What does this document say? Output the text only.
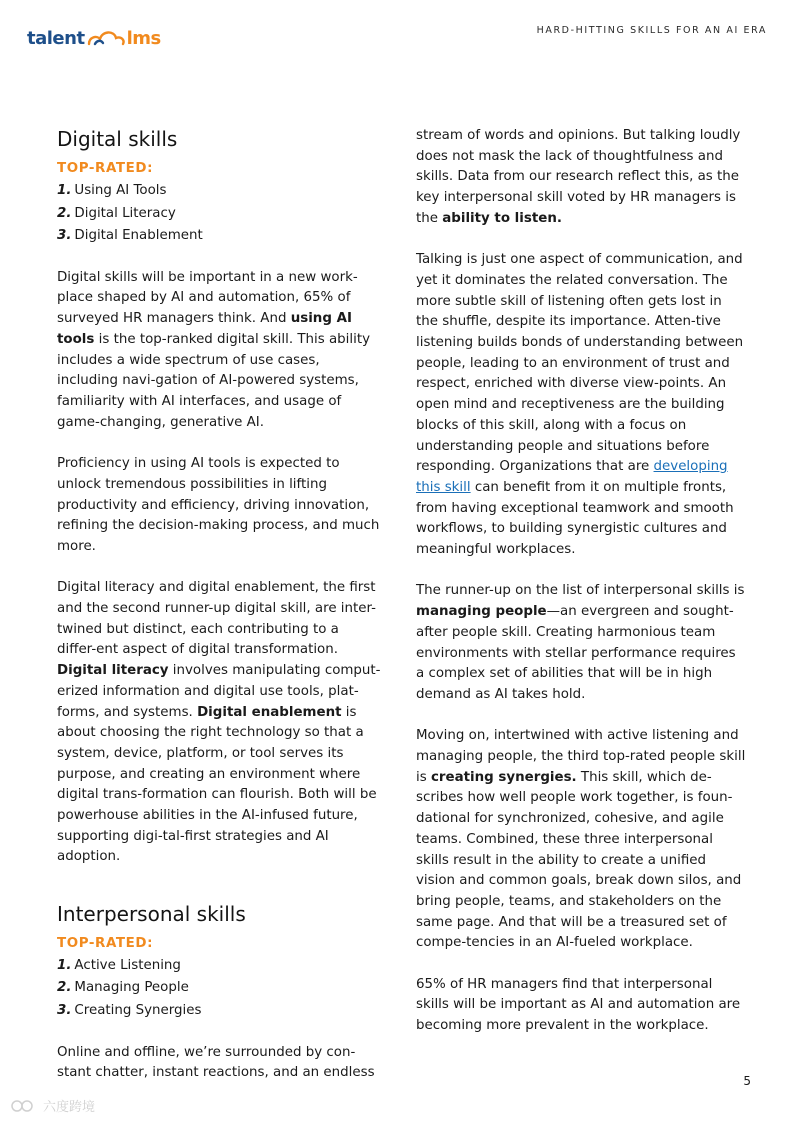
talent lms	HARD-HITTING SKILLS FOR AN AI ERA
Digital skills
TOP-RATED:
1. Using AI Tools
2. Digital Literacy
3. Digital Enablement

Digital skills will be important in a new work-place shaped by AI and automation, 65% of surveyed HR managers think. And using AI tools is the top-ranked digital skill. This ability includes a wide spectrum of use cases, including navi-gation of AI-powered systems, familiarity with AI interfaces, and usage of game-changing, generative AI.

Proficiency in using AI tools is expected to unlock tremendous possibilities in lifting productivity and efficiency, driving innovation, refining the decision-making process, and much more.

Digital literacy and digital enablement, the first and the second runner-up digital skill, are inter-twined but distinct, each contributing to a differ-ent aspect of digital transformation.
Digital literacy involves manipulating comput-erized information and digital use tools, plat-forms, and systems. Digital enablement is about choosing the right technology so that a system, device, platform, or tool serves its purpose, and creating an environment where digital trans-formation can flourish. Both will be powerhouse abilities in the AI-infused future, supporting digi-tal-first strategies and AI adoption.

Interpersonal skills
TOP-RATED:
1. Active Listening
2. Managing People
3. Creating Synergies

Online and offline, we’re surrounded by con-stant chatter, instant reactions, and an endless

stream of words and opinions. But talking loudly does not mask the lack of thoughtfulness and skills. Data from our research reflect this, as the key interpersonal skill voted by HR managers is the ability to listen.

Talking is just one aspect of communication, and yet it dominates the related conversation. The more subtle skill of listening often gets lost in the shuffle, despite its importance. Atten-tive listening builds bonds of understanding between people, leading to an environment of trust and respect, enriched with diverse view-points. An open mind and receptiveness are the building blocks of this skill, along with a focus on understanding people and situations before responding. Organizations that are developing this skill can benefit from it on multiple fronts, from having exceptional teamwork and smooth workflows, to building synergistic cultures and meaningful workplaces.

The runner-up on the list of interpersonal skills is managing people—an evergreen and sought-after people skill. Creating harmonious team environments with stellar performance requires a complex set of abilities that will be in high demand as AI takes hold.

Moving on, intertwined with active listening and managing people, the third top-rated people skill is creating synergies. This skill, which de-scribes how well people work together, is foun-dational for synchronized, cohesive, and agile teams. Combined, these three interpersonal skills result in the ability to create a unified vision and common goals, break down silos, and bring people, teams, and stakeholders on the same page. And that will be a treasured set of compe-tencies in an AI-fueled workplace.

65% of HR managers find that interpersonal skills will be important as AI and automation are becoming more prevalent in the workplace.

5
六度跨境
